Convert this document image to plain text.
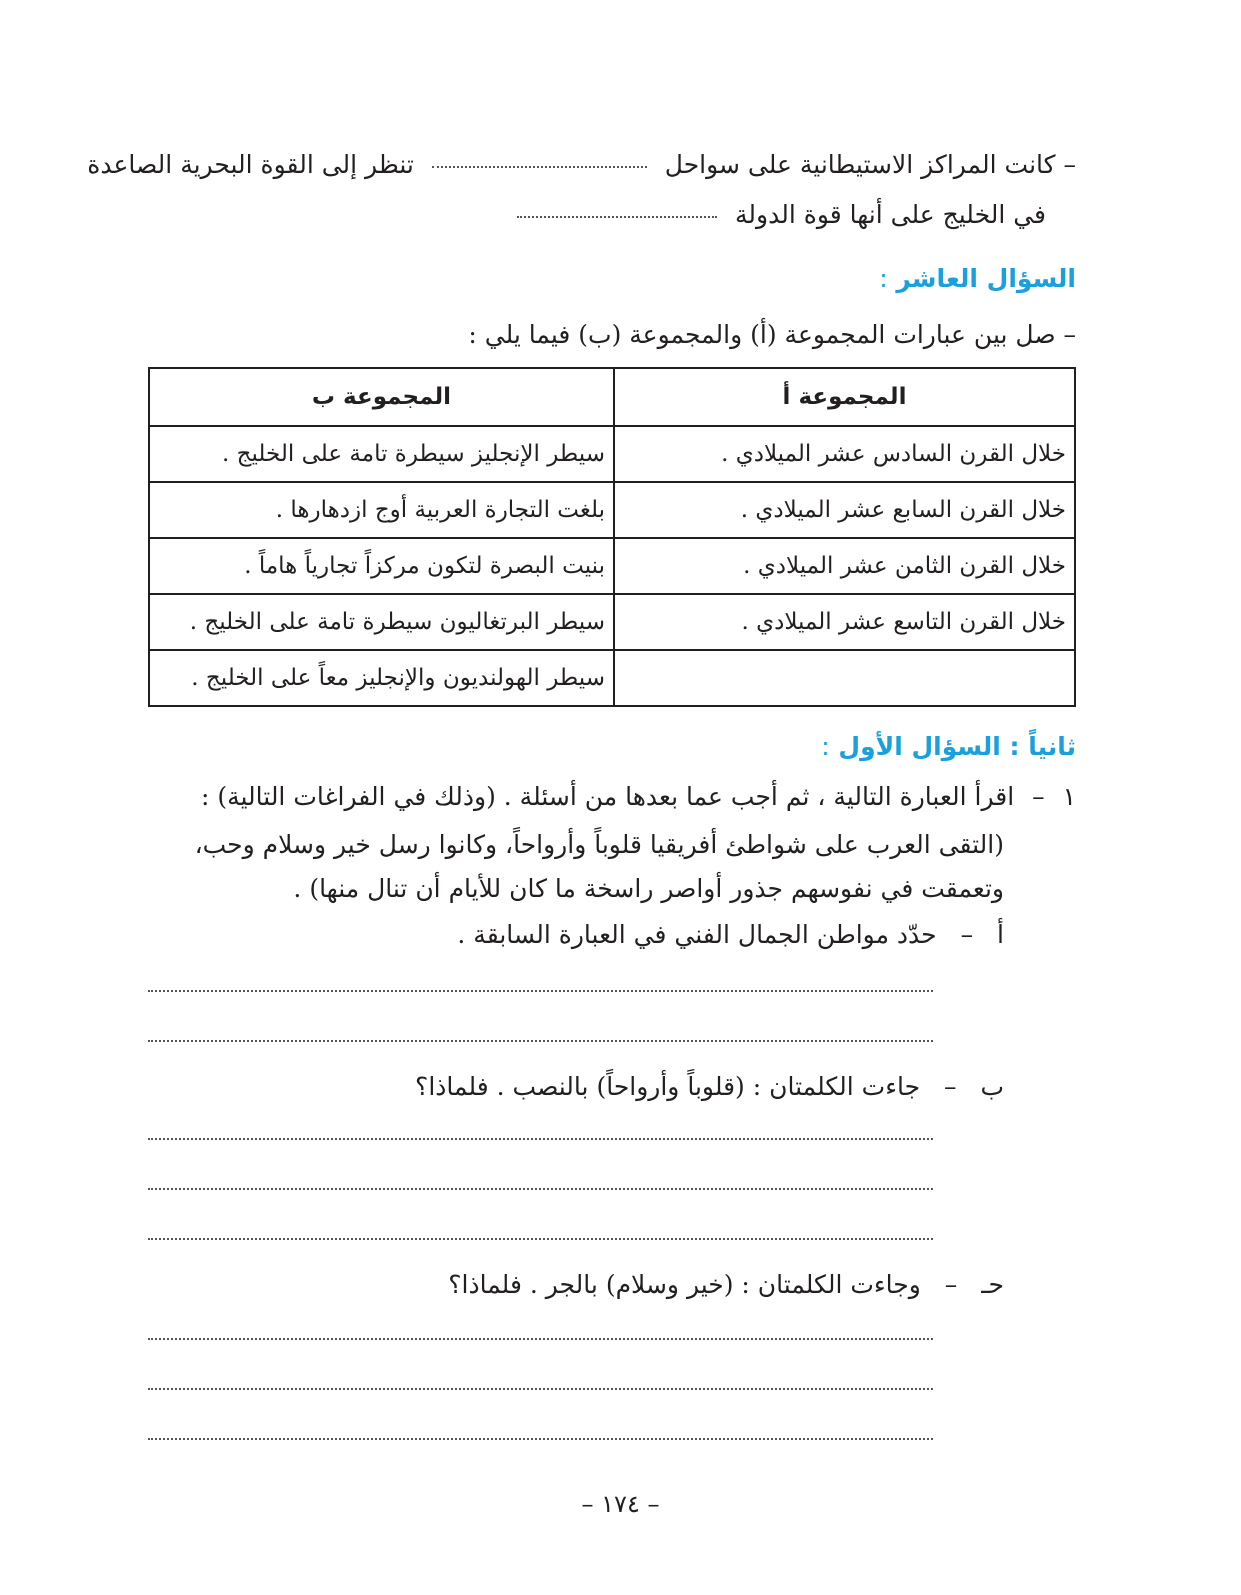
– كانت المراكز الاستيطانية على سواحل  تنظر إلى القوة البحرية الصاعدة
في الخليج على أنها قوة الدولة
السؤال العاشر :
– صل بين عبارات المجموعة (أ) والمجموعة (ب) فيما يلي :
المجموعة أ	المجموعة ب
خلال القرن السادس عشر الميلادي .	سيطر الإنجليز سيطرة تامة على الخليج .
خلال القرن السابع عشر الميلادي .	بلغت التجارة العربية أوج ازدهارها .
خلال القرن الثامن عشر الميلادي .	بنيت البصرة لتكون مركزاً تجارياً هاماً .
خلال القرن التاسع عشر الميلادي .	سيطر البرتغاليون سيطرة تامة على الخليج .
	سيطر الهولنديون والإنجليز معاً على الخليج .
ثانياً : السؤال الأول :
١ – اقرأ العبارة التالية ، ثم أجب عما بعدها من أسئلة . (وذلك في الفراغات التالية) :
(التقى العرب على شواطئ أفريقيا قلوباً وأرواحاً، وكانوا رسل خير وسلام وحب،
وتعمقت في نفوسهم جذور أواصر راسخة ما كان للأيام أن تنال منها) .
أ – حدّد مواطن الجمال الفني في العبارة السابقة .
ب – جاءت الكلمتان : (قلوباً وأرواحاً) بالنصب . فلماذا؟
حـ – وجاءت الكلمتان : (خير وسلام) بالجر . فلماذا؟
– ١٧٤ –
